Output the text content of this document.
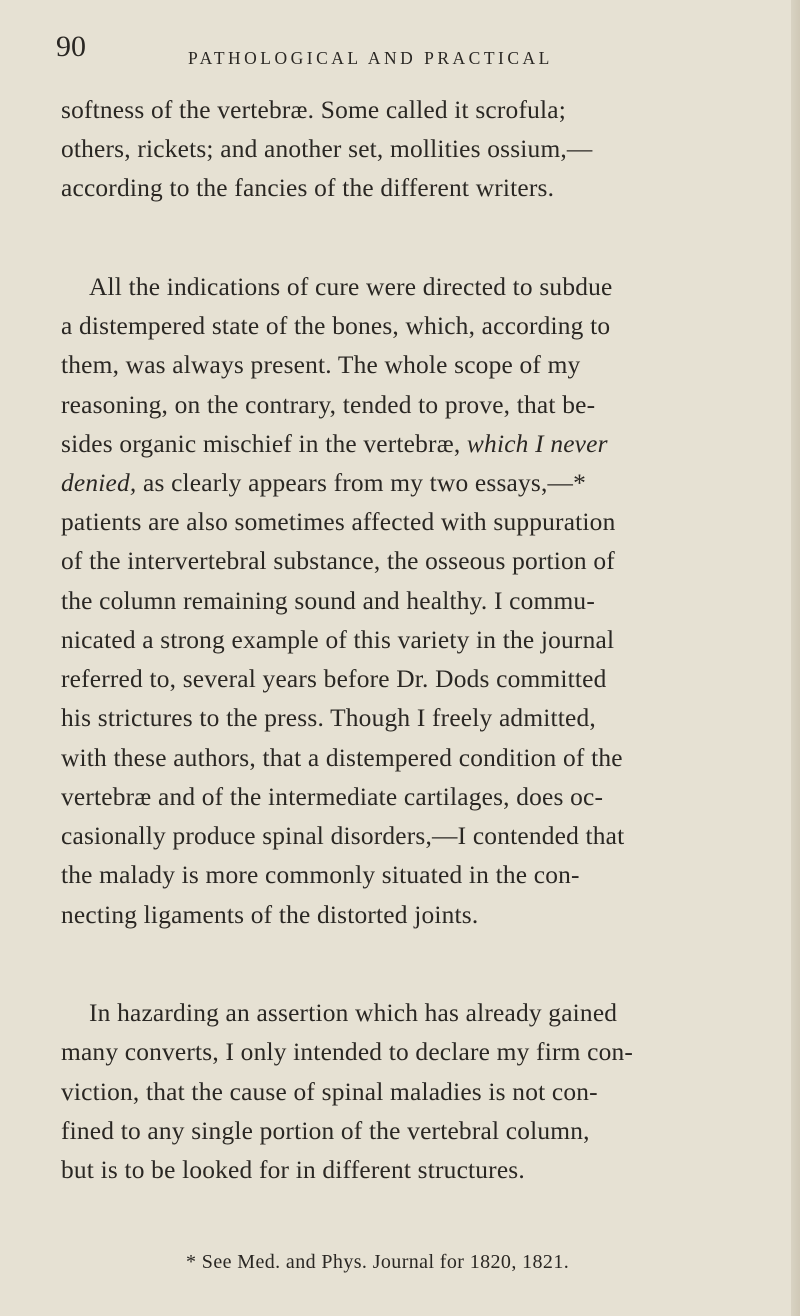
90	PATHOLOGICAL AND PRACTICAL
softness of the vertebræ. Some called it scrofula;
others, rickets; and another set, mollities ossium,—
according to the fancies of the different writers.
All the indications of cure were directed to subdue
a distempered state of the bones, which, according to
them, was always present. The whole scope of my
reasoning, on the contrary, tended to prove, that be-
sides organic mischief in the vertebræ, which I never
denied, as clearly appears from my two essays,—*
patients are also sometimes affected with suppuration
of the intervertebral substance, the osseous portion of
the column remaining sound and healthy. I commu-
nicated a strong example of this variety in the journal
referred to, several years before Dr. Dods committed
his strictures to the press. Though I freely admitted,
with these authors, that a distempered condition of the
vertebræ and of the intermediate cartilages, does oc-
casionally produce spinal disorders,—I contended that
the malady is more commonly situated in the con-
necting ligaments of the distorted joints.
In hazarding an assertion which has already gained
many converts, I only intended to declare my firm con-
viction, that the cause of spinal maladies is not con-
fined to any single portion of the vertebral column,
but is to be looked for in different structures.
* See Med. and Phys. Journal for 1820, 1821.
